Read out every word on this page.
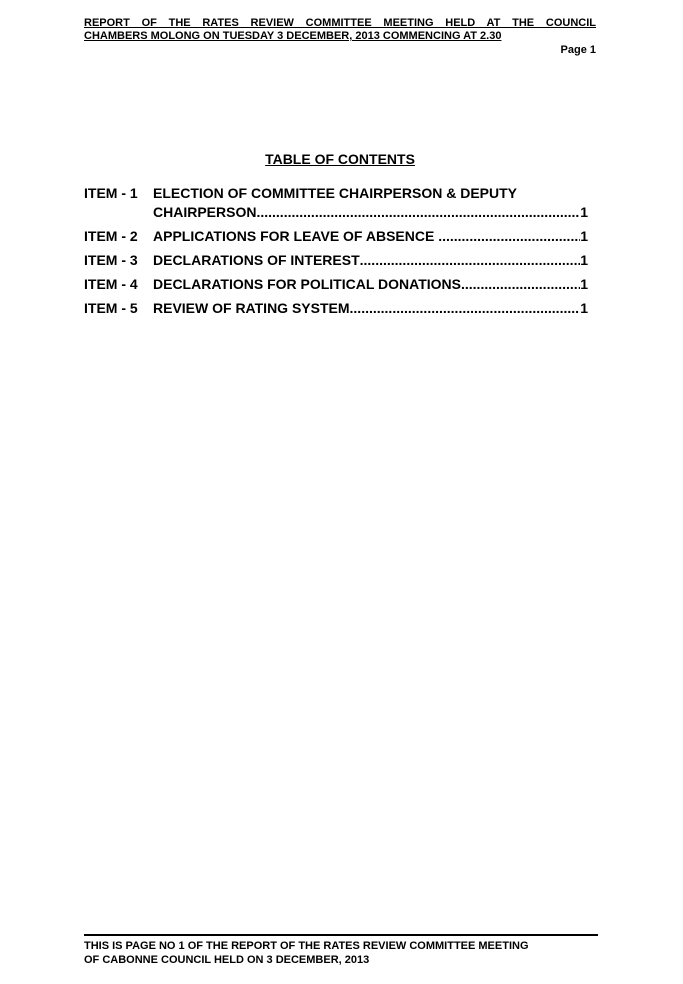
REPORT OF THE RATES REVIEW COMMITTEE MEETING HELD AT THE COUNCIL
CHAMBERS MOLONG ON TUESDAY 3 DECEMBER, 2013 COMMENCING AT 2.30
Page 1
TABLE OF CONTENTS
ITEM - 1	ELECTION OF COMMITTEE CHAIRPERSON & DEPUTY
CHAIRPERSON .....	1
ITEM - 2	APPLICATIONS FOR LEAVE OF ABSENCE .....	1
ITEM - 3	DECLARATIONS OF INTEREST .....	1
ITEM - 4	DECLARATIONS FOR POLITICAL DONATIONS .....	1
ITEM - 5	REVIEW OF RATING SYSTEM .....	1
THIS IS PAGE NO 1 OF THE REPORT OF THE RATES REVIEW COMMITTEE MEETING
OF CABONNE COUNCIL HELD ON 3 DECEMBER, 2013
